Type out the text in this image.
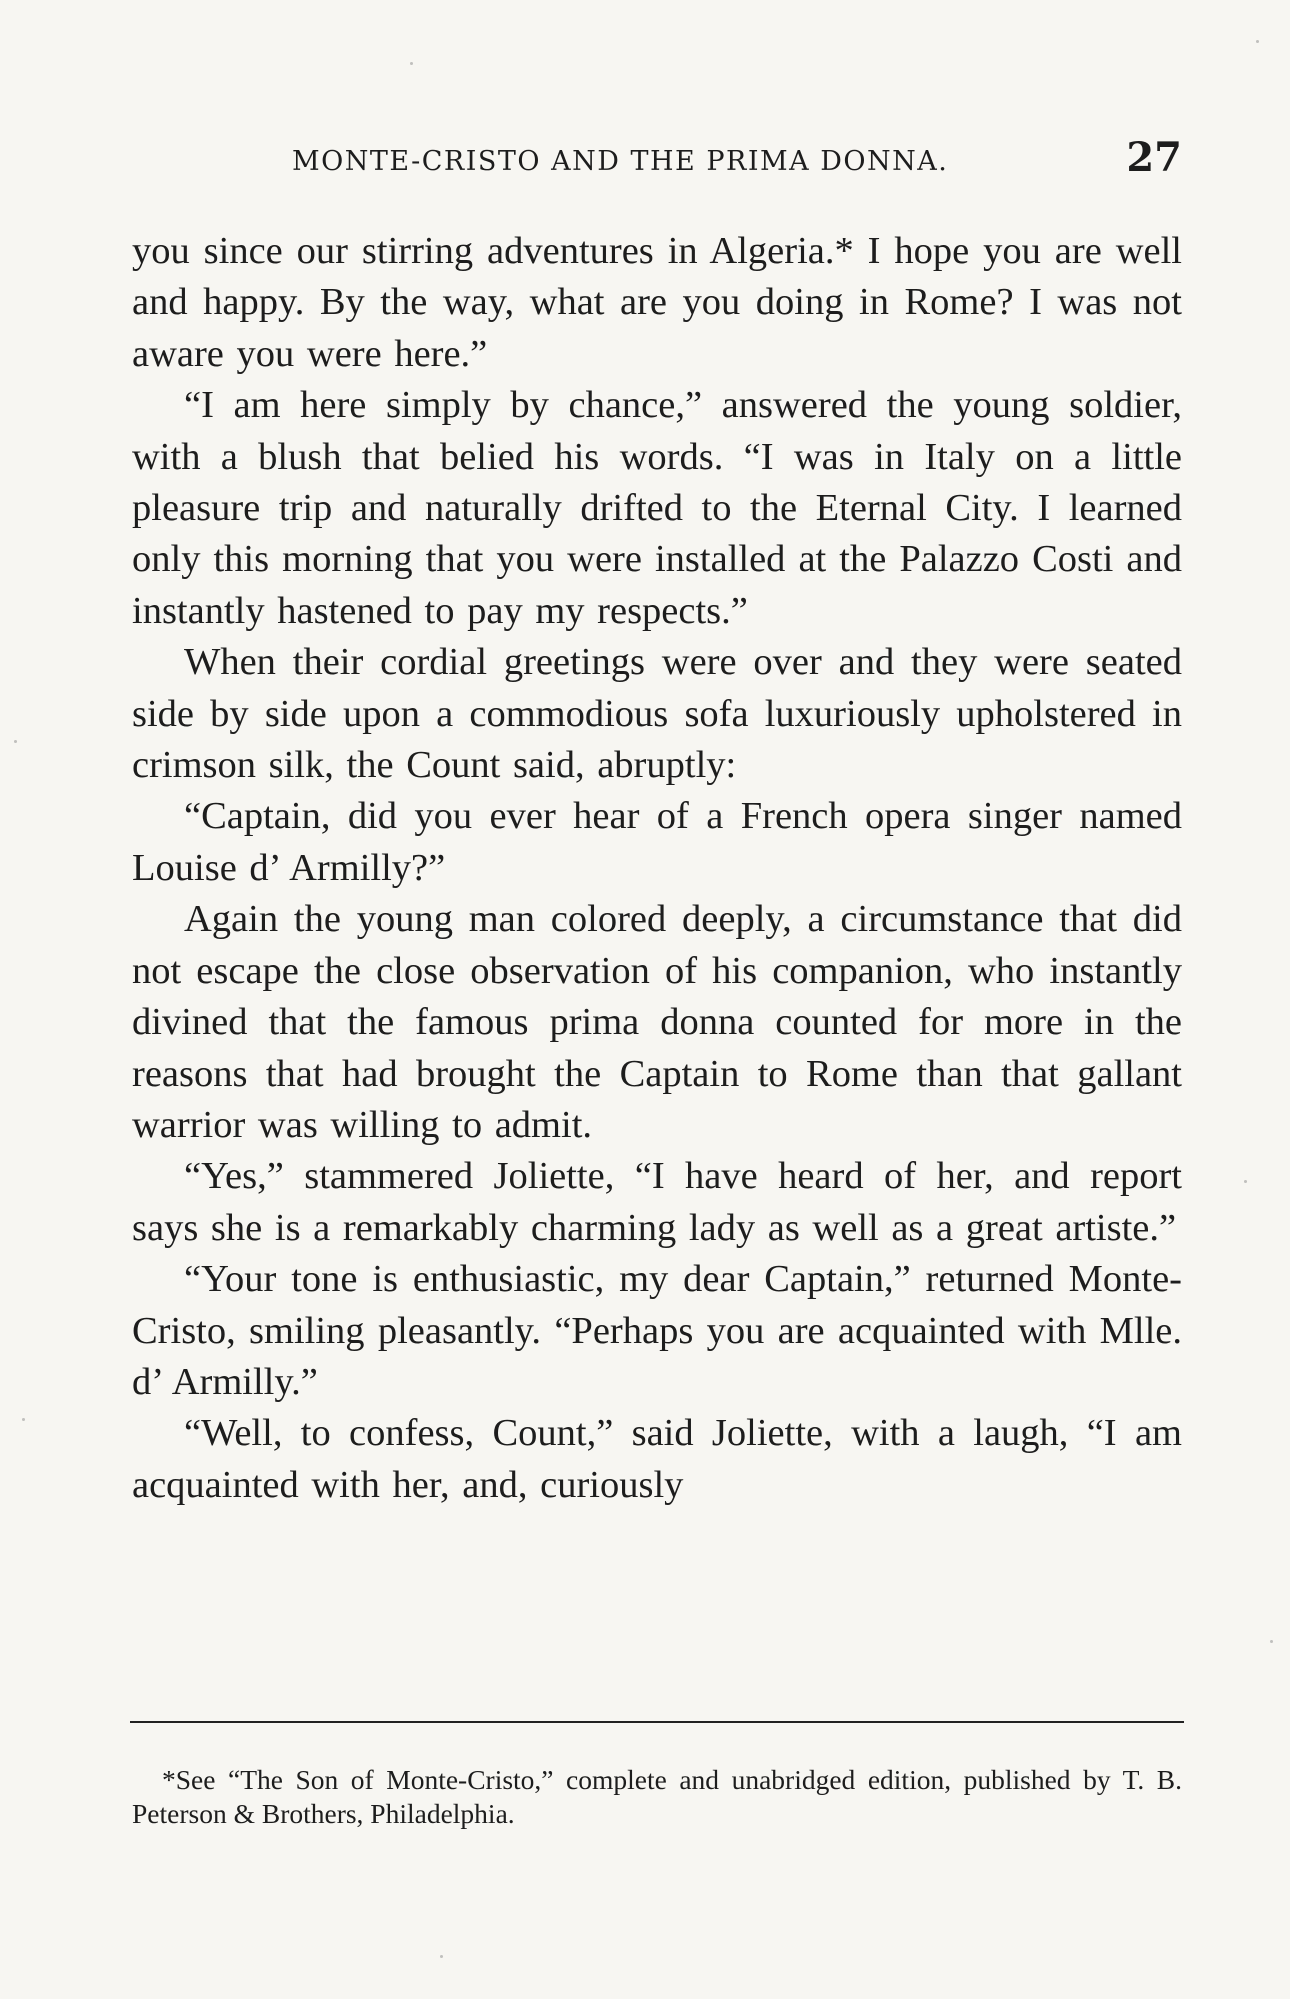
MONTE-CRISTO AND THE PRIMA DONNA.	27

you since our stirring adventures in Algeria.* I hope you are well and happy. By the way, what are you doing in Rome? I was not aware you were here.”

“I am here simply by chance,” answered the young soldier, with a blush that belied his words. “I was in Italy on a little pleasure trip and naturally drifted to the Eternal City. I learned only this morning that you were installed at the Palazzo Costi and instantly hastened to pay my respects.”

When their cordial greetings were over and they were seated side by side upon a commodious sofa luxuriously upholstered in crimson silk, the Count said, abruptly:

“Captain, did you ever hear of a French opera singer named Louise d’ Armilly?”

Again the young man colored deeply, a circumstance that did not escape the close observation of his companion, who instantly divined that the famous prima donna counted for more in the reasons that had brought the Captain to Rome than that gallant warrior was willing to admit.

“Yes,” stammered Joliette, “I have heard of her, and report says she is a remarkably charming lady as well as a great artiste.”

“Your tone is enthusiastic, my dear Captain,” returned Monte-Cristo, smiling pleasantly. “Perhaps you are acquainted with Mlle. d’ Armilly.”

“Well, to confess, Count,” said Joliette, with a laugh, “I am acquainted with her, and, curiously

*See “The Son of Monte-Cristo,” complete and unabridged edition, published by T. B. Peterson & Brothers, Philadelphia.
